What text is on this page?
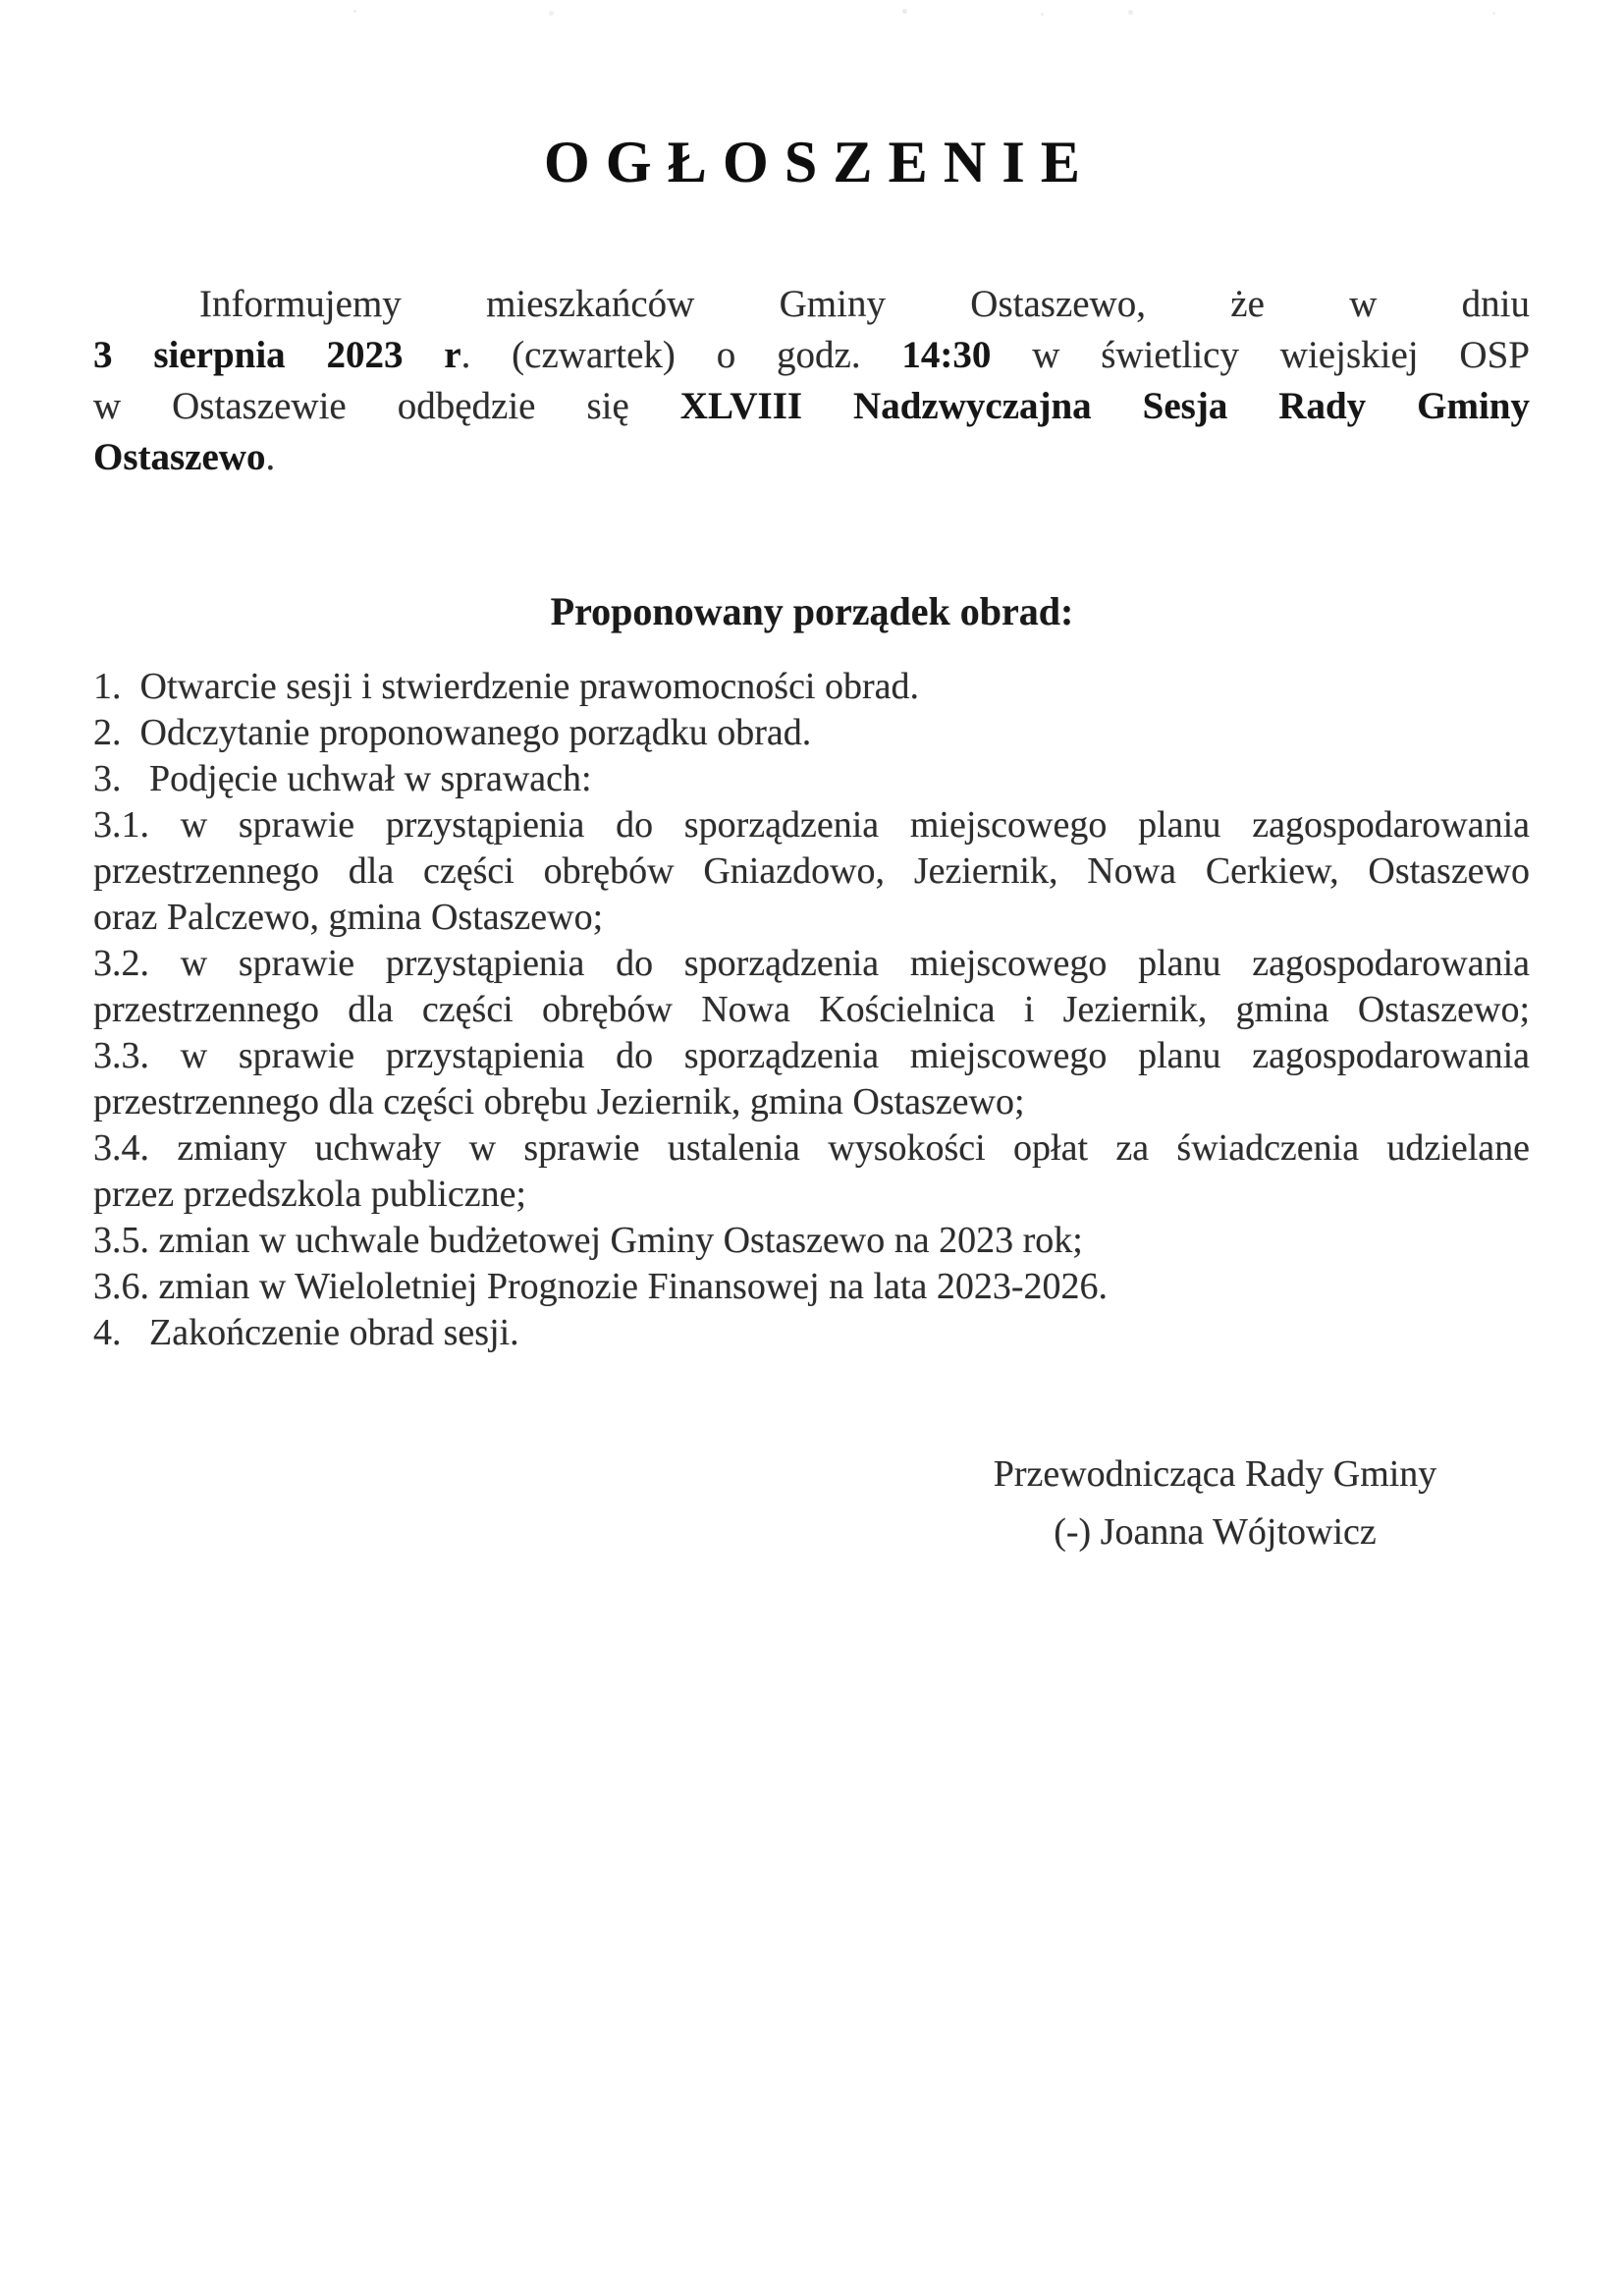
OGŁOSZENIE
Informujemy mieszkańców Gminy Ostaszewo, że w dniu
3 sierpnia 2023 r. (czwartek) o godz. 14:30 w świetlicy wiejskiej OSP
w Ostaszewie odbędzie się XLVIII Nadzwyczajna Sesja Rady Gminy
Ostaszewo.
Proponowany porządek obrad:
1.  Otwarcie sesji i stwierdzenie prawomocności obrad.
2.  Odczytanie proponowanego porządku obrad.
3.   Podjęcie uchwał w sprawach:
3.1. w sprawie przystąpienia do sporządzenia miejscowego planu zagospodarowania
przestrzennego dla części obrębów Gniazdowo, Jeziernik, Nowa Cerkiew, Ostaszewo
oraz Palczewo, gmina Ostaszewo;
3.2. w sprawie przystąpienia do sporządzenia miejscowego planu zagospodarowania
przestrzennego dla części obrębów Nowa Kościelnica i Jeziernik, gmina Ostaszewo;
3.3. w sprawie przystąpienia do sporządzenia miejscowego planu zagospodarowania
przestrzennego dla części obrębu Jeziernik, gmina Ostaszewo;
3.4. zmiany uchwały w sprawie ustalenia wysokości opłat za świadczenia udzielane
przez przedszkola publiczne;
3.5. zmian w uchwale budżetowej Gminy Ostaszewo na 2023 rok;
3.6. zmian w Wieloletniej Prognozie Finansowej na lata 2023-2026.
4.   Zakończenie obrad sesji.
Przewodnicząca Rady Gminy
(-) Joanna Wójtowicz
